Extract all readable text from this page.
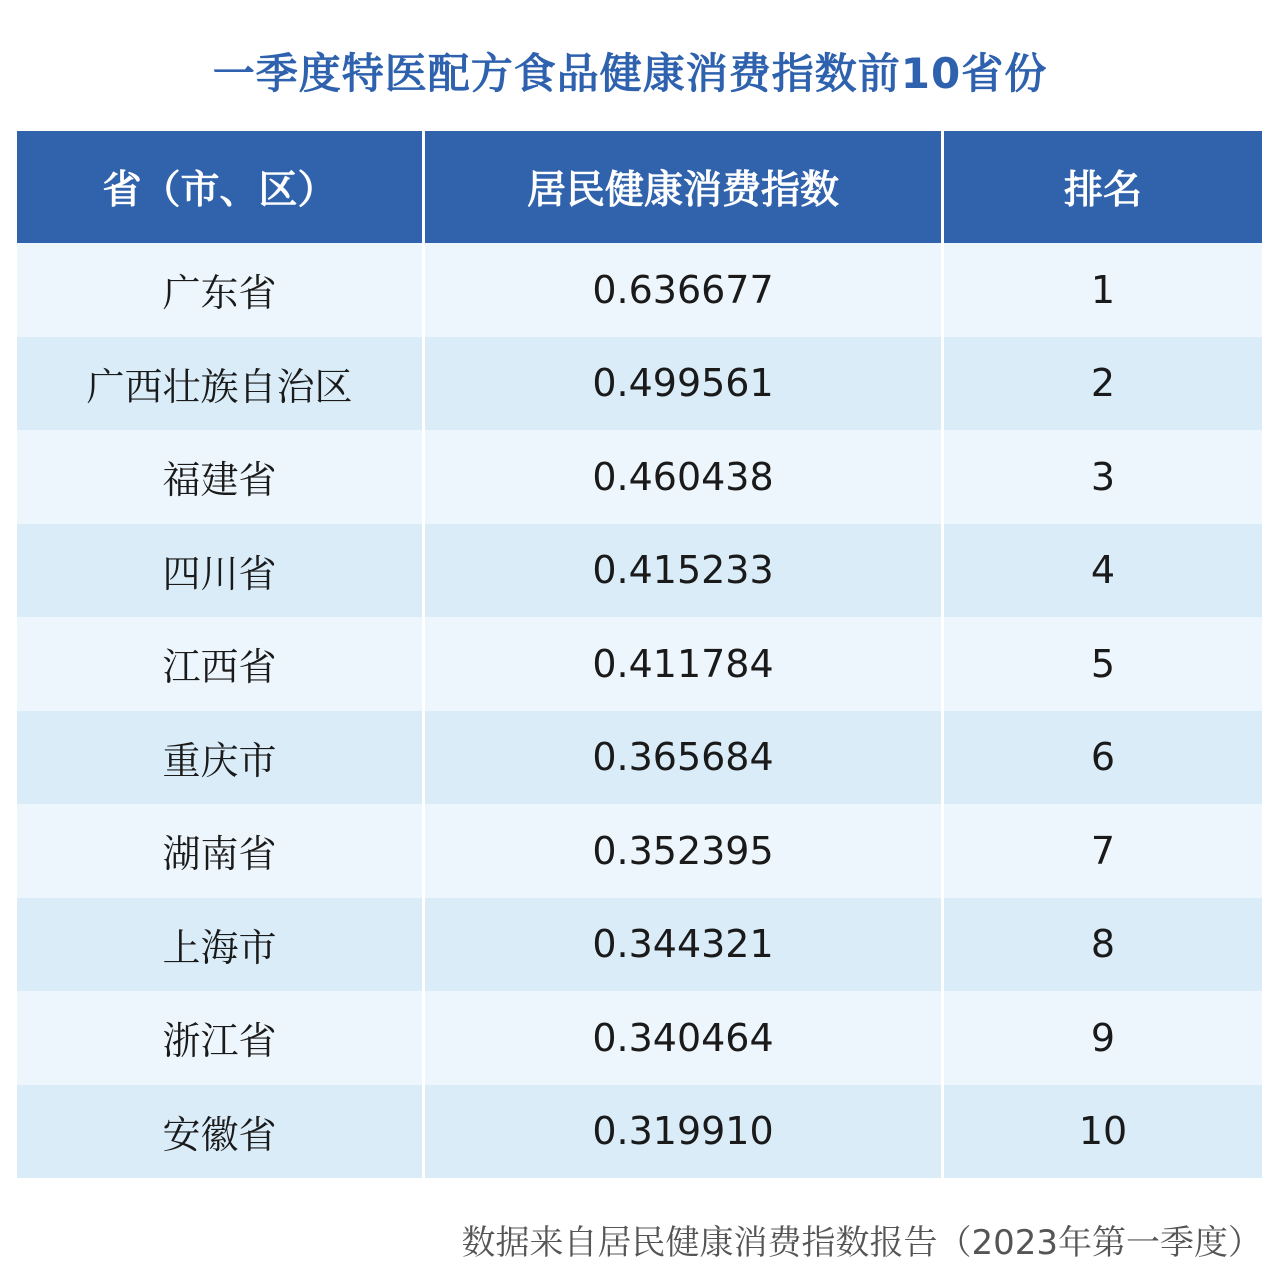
一季度特医配方食品健康消费指数前10省份
省（市、区）	居民健康消费指数	排名
广东省	0.636677	1
广西壮族自治区	0.499561	2
福建省	0.460438	3
四川省	0.415233	4
江西省	0.411784	5
重庆市	0.365684	6
湖南省	0.352395	7
上海市	0.344321	8
浙江省	0.340464	9
安徽省	0.319910	10
数据来自居民健康消费指数报告（2023年第一季度）
